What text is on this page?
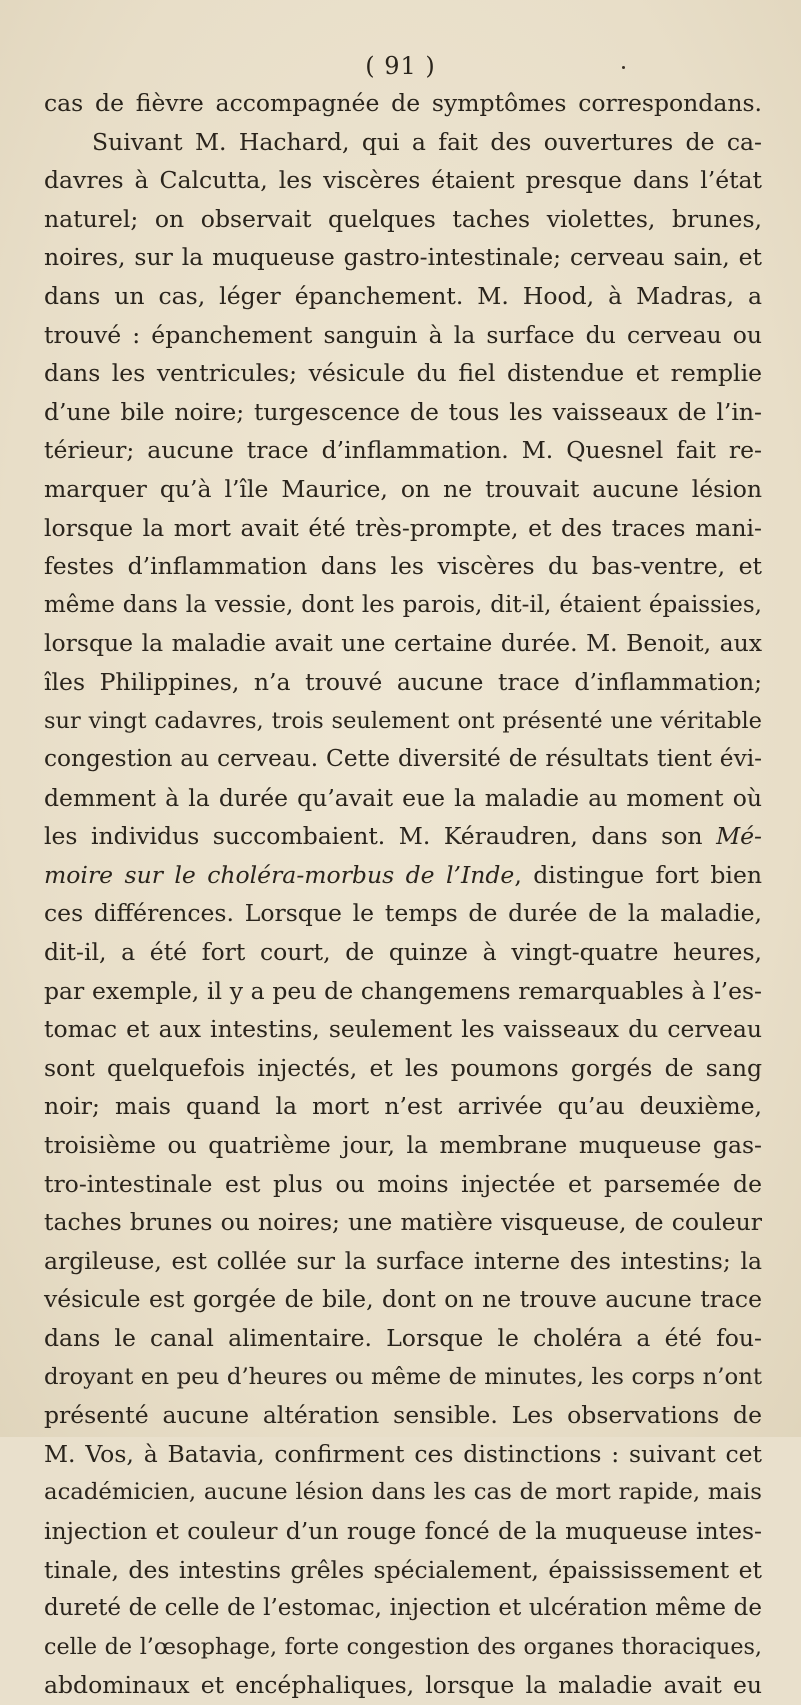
( 91 )
cas de fièvre accompagnée de symptômes correspondans.
Suivant M. Hachard, qui a fait des ouvertures de ca-
davres à Calcutta, les viscères étaient presque dans l’état
naturel; on observait quelques taches violettes, brunes,
noires, sur la muqueuse gastro-intestinale; cerveau sain, et
dans un cas, léger épanchement. M. Hood, à Madras, a
trouvé : épanchement sanguin à la surface du cerveau ou
dans les ventricules; vésicule du fiel distendue et remplie
d’une bile noire; turgescence de tous les vaisseaux de l’in-
térieur; aucune trace d’inflammation. M. Quesnel fait re-
marquer qu’à l’île Maurice, on ne trouvait aucune lésion
lorsque la mort avait été très-prompte, et des traces mani-
festes d’inflammation dans les viscères du bas-ventre, et
même dans la vessie, dont les parois, dit-il, étaient épaissies,
lorsque la maladie avait une certaine durée. M. Benoit, aux
îles Philippines, n’a trouvé aucune trace d’inflammation;
sur vingt cadavres, trois seulement ont présenté une véritable
congestion au cerveau. Cette diversité de résultats tient évi-
demment à la durée qu’avait eue la maladie au moment où
les individus succombaient. M. Kéraudren, dans son Mé-
moire sur le choléra-morbus de l’Inde, distingue fort bien
ces différences. Lorsque le temps de durée de la maladie,
dit-il, a été fort court, de quinze à vingt-quatre heures,
par exemple, il y a peu de changemens remarquables à l’es-
tomac et aux intestins, seulement les vaisseaux du cerveau
sont quelquefois injectés, et les poumons gorgés de sang
noir; mais quand la mort n’est arrivée qu’au deuxième,
troisième ou quatrième jour, la membrane muqueuse gas-
tro-intestinale est plus ou moins injectée et parsemée de
taches brunes ou noires; une matière visqueuse, de couleur
argileuse, est collée sur la surface interne des intestins; la
vésicule est gorgée de bile, dont on ne trouve aucune trace
dans le canal alimentaire. Lorsque le choléra a été fou-
droyant en peu d’heures ou même de minutes, les corps n’ont
présenté aucune altération sensible. Les observations de
M. Vos, à Batavia, confirment ces distinctions : suivant cet
académicien, aucune lésion dans les cas de mort rapide, mais
injection et couleur d’un rouge foncé de la muqueuse intes-
tinale, des intestins grêles spécialement, épaississement et
dureté de celle de l’estomac, injection et ulcération même de
celle de l’œsophage, forte congestion des organes thoraciques,
abdominaux et encéphaliques, lorsque la maladie avait eu
